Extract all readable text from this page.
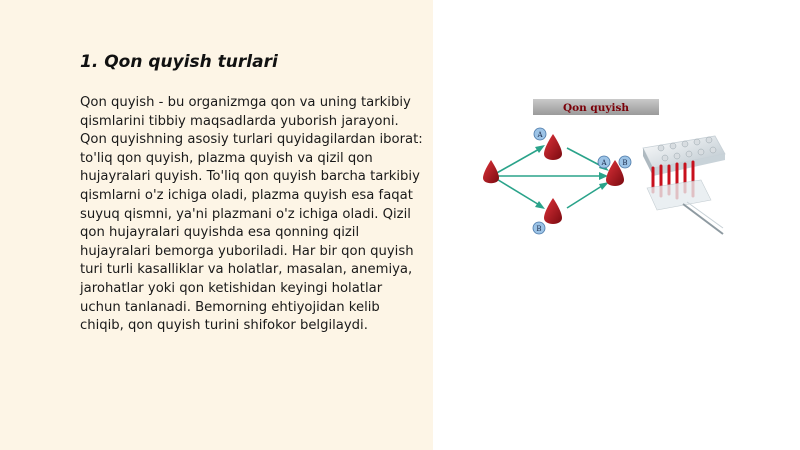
1. Qon quyish turlari

Qon quyish - bu organizmga qon va uning tarkibiy qismlarini tibbiy maqsadlarda yuborish jarayoni. Qon quyishning asosiy turlari quyidagilardan iborat: to'liq qon quyish, plazma quyish va qizil qon hujayralari quyish. To'liq qon quyish barcha tarkibiy qismlarni o'z ichiga oladi, plazma quyish esa faqat suyuq qismni, ya'ni plazmani o'z ichiga oladi. Qizil qon hujayralari quyishda esa qonning qizil hujayralari bemorga yuboriladi. Har bir qon quyish turi turli kasalliklar va holatlar, masalan, anemiya, jarohatlar yoki qon ketishidan keyingi holatlar uchun tanlanadi. Bemorning ehtiyojidan kelib chiqib, qon quyish turini shifokor belgilaydi.

Qon quyish
A
B
A B
